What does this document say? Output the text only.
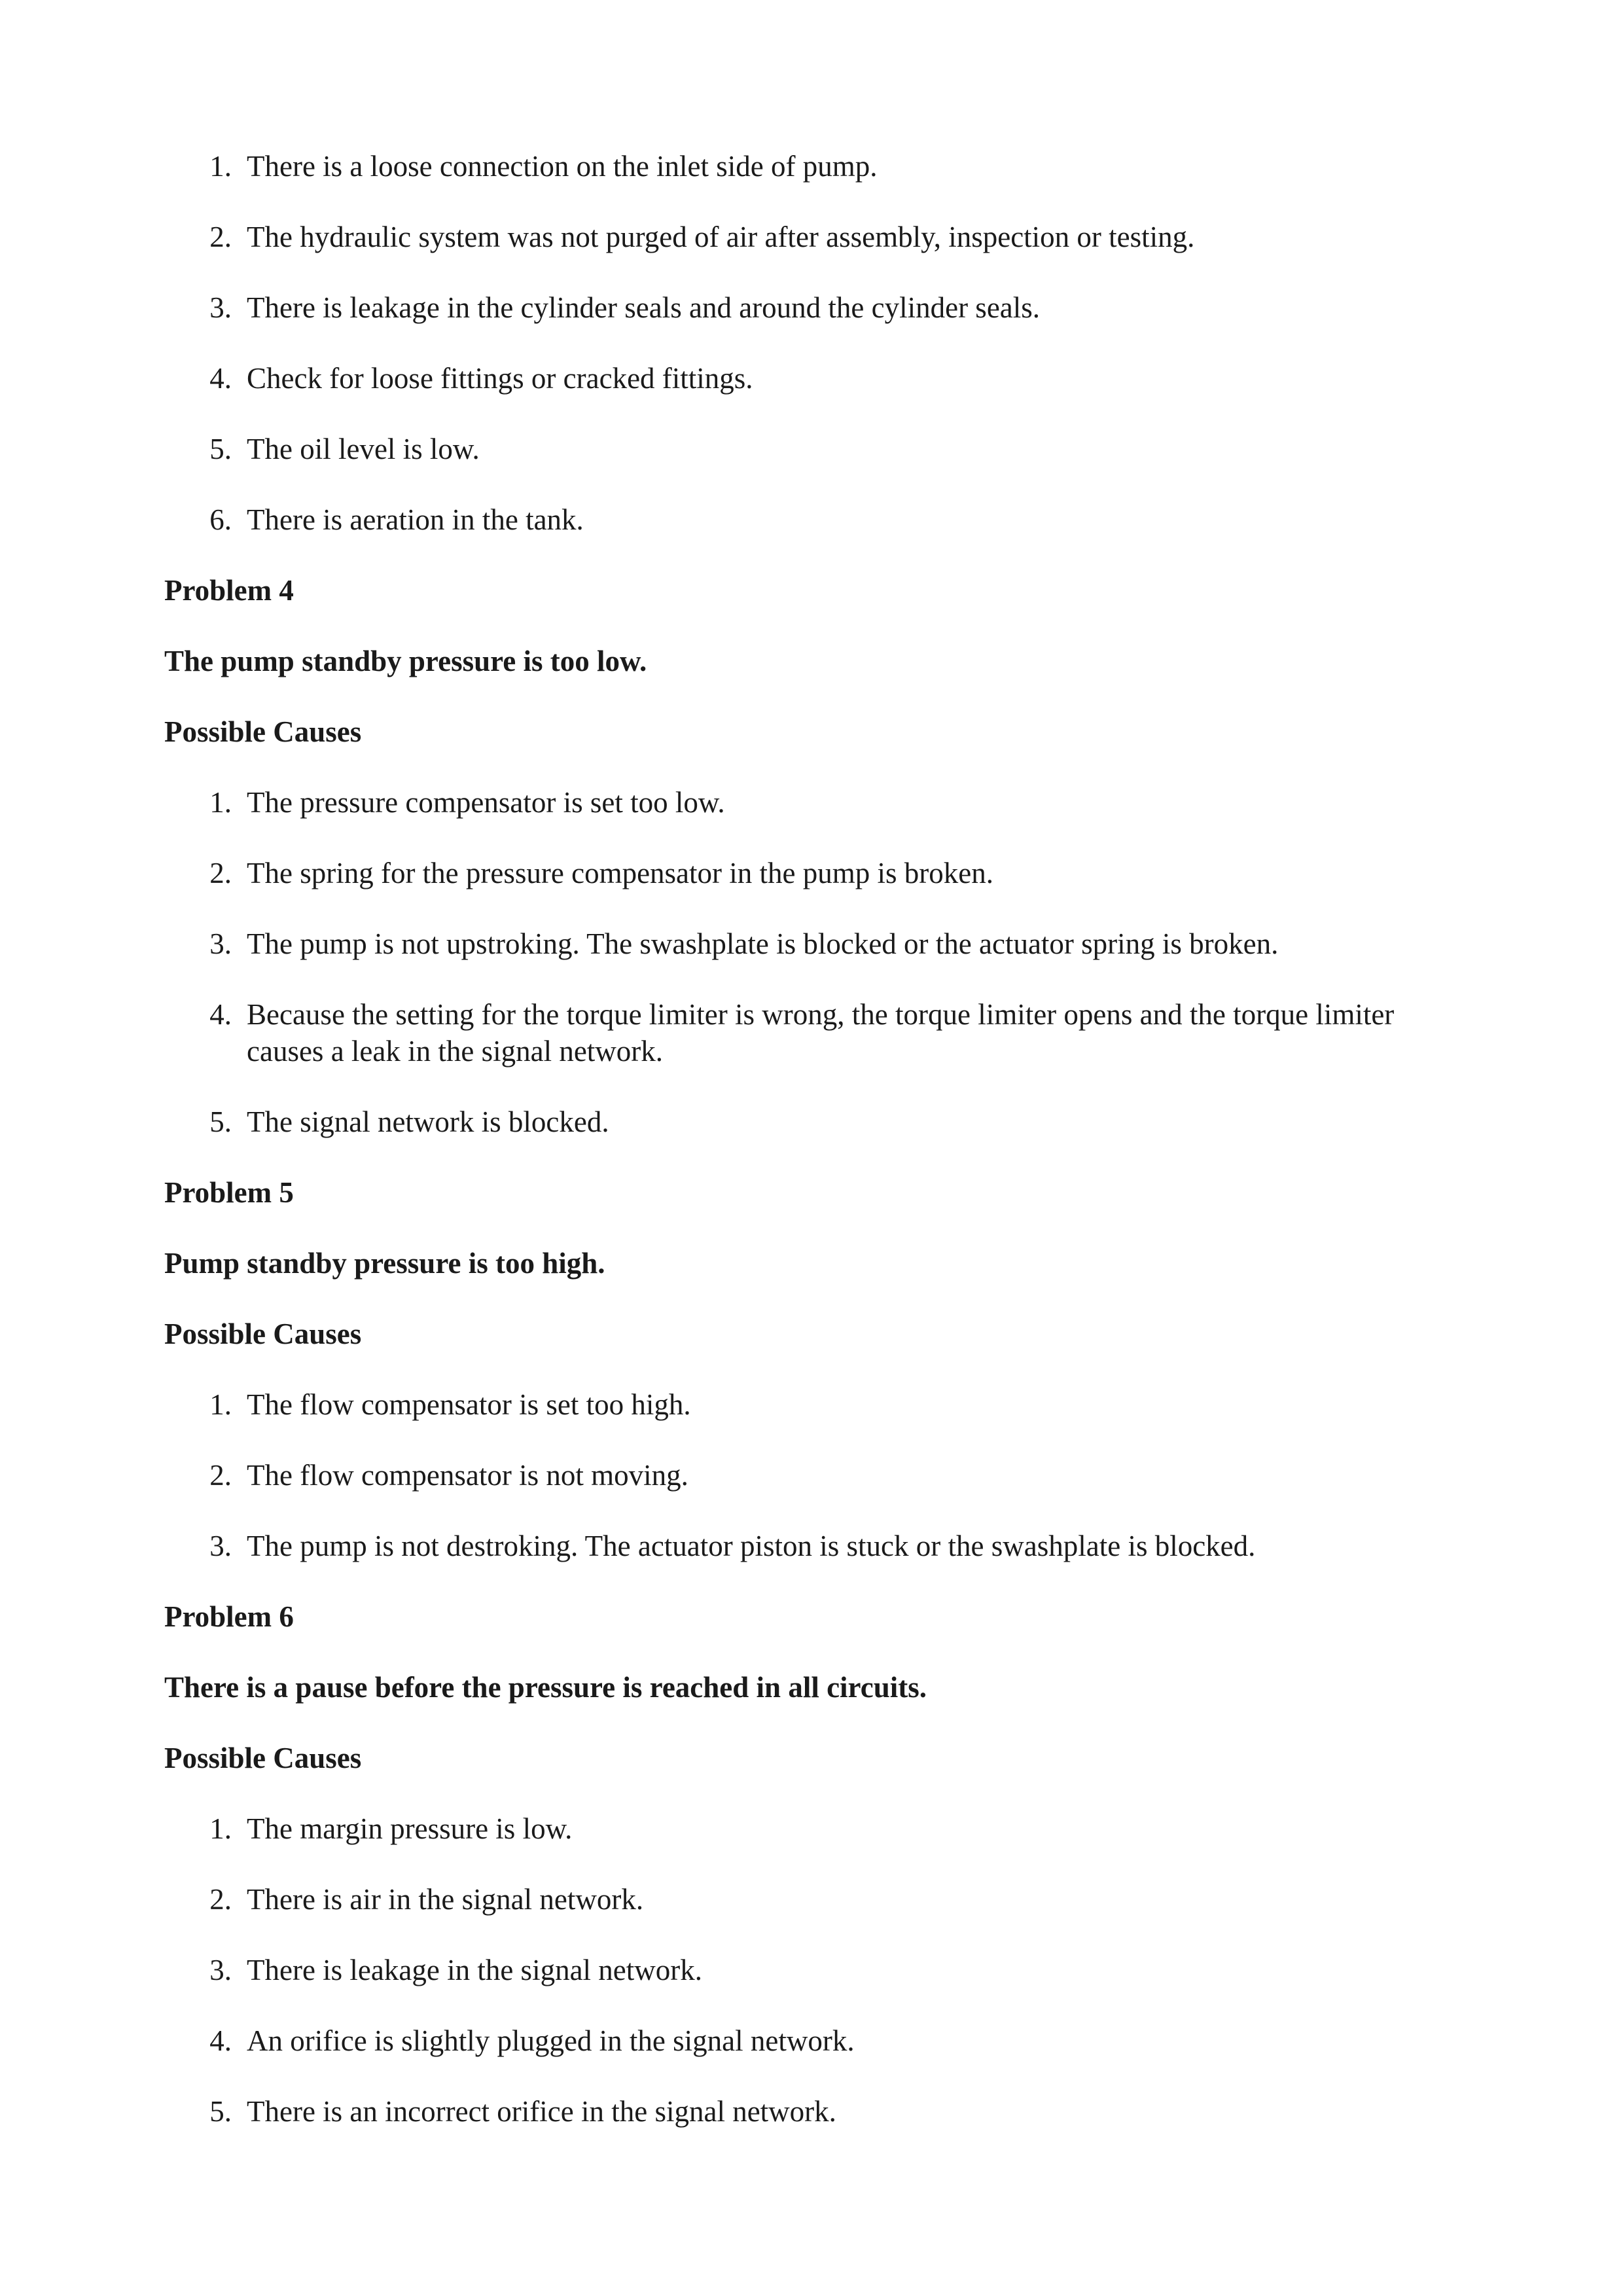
1. There is a loose connection on the inlet side of pump.
2. The hydraulic system was not purged of air after assembly, inspection or testing.
3. There is leakage in the cylinder seals and around the cylinder seals.
4. Check for loose fittings or cracked fittings.
5. The oil level is low.
6. There is aeration in the tank.
Problem 4
The pump standby pressure is too low.
Possible Causes
1. The pressure compensator is set too low.
2. The spring for the pressure compensator in the pump is broken.
3. The pump is not upstroking. The swashplate is blocked or the actuator spring is broken.
4. Because the setting for the torque limiter is wrong, the torque limiter opens and the torque limiter causes a leak in the signal network.
5. The signal network is blocked.
Problem 5
Pump standby pressure is too high.
Possible Causes
1. The flow compensator is set too high.
2. The flow compensator is not moving.
3. The pump is not destroking. The actuator piston is stuck or the swashplate is blocked.
Problem 6
There is a pause before the pressure is reached in all circuits.
Possible Causes
1. The margin pressure is low.
2. There is air in the signal network.
3. There is leakage in the signal network.
4. An orifice is slightly plugged in the signal network.
5. There is an incorrect orifice in the signal network.
